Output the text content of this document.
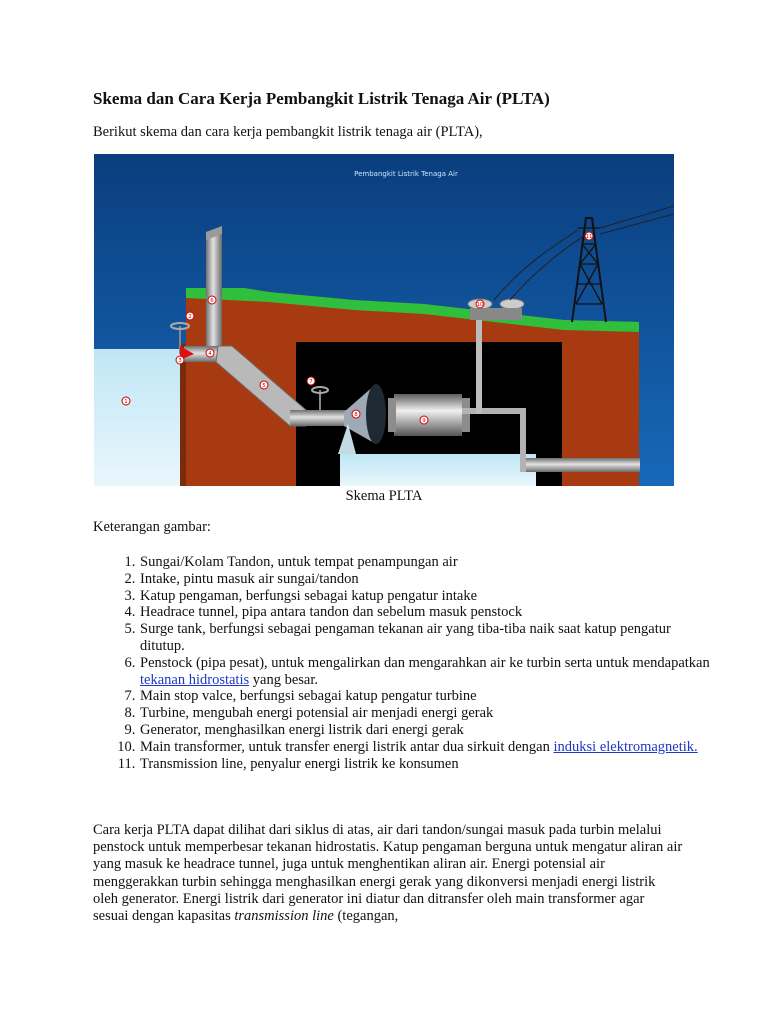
Skema dan Cara Kerja Pembangkit Listrik Tenaga Air (PLTA)

Berikut skema dan cara kerja pembangkit listrik tenaga air (PLTA),

Pembangkit Listrik Tenaga Air
1
2
3
4
5
6
7
8
9
10
11

Skema PLTA

Keterangan gambar:

1. Sungai/Kolam Tandon, untuk tempat penampungan air
2. Intake, pintu masuk air sungai/tandon
3. Katup pengaman, berfungsi sebagai katup pengatur intake
4. Headrace tunnel, pipa antara tandon dan sebelum masuk penstock
5. Surge tank, berfungsi sebagai pengaman tekanan air yang tiba-tiba naik saat katup pengatur ditutup.
6. Penstock (pipa pesat), untuk mengalirkan dan mengarahkan air ke turbin serta untuk mendapatkan tekanan hidrostatis yang besar.
7. Main stop valce, berfungsi sebagai katup pengatur turbine
8. Turbine, mengubah energi potensial air menjadi energi gerak
9. Generator, menghasilkan energi listrik dari energi gerak
10. Main transformer, untuk transfer energi listrik antar dua sirkuit dengan induksi elektromagnetik.
11. Transmission line, penyalur energi listrik ke konsumen

Cara kerja PLTA dapat dilihat dari siklus di atas, air dari tandon/sungai masuk pada turbin melalui penstock untuk memperbesar tekanan hidrostatis. Katup pengaman berguna untuk mengatur aliran air yang masuk ke headrace tunnel, juga untuk menghentikan aliran air. Energi potensial air menggerakkan turbin sehingga menghasilkan energi gerak yang dikonversi menjadi energi listrik oleh generator. Energi listrik dari generator ini diatur dan ditransfer oleh main transformer agar sesuai dengan kapasitas transmission line (tegangan,
